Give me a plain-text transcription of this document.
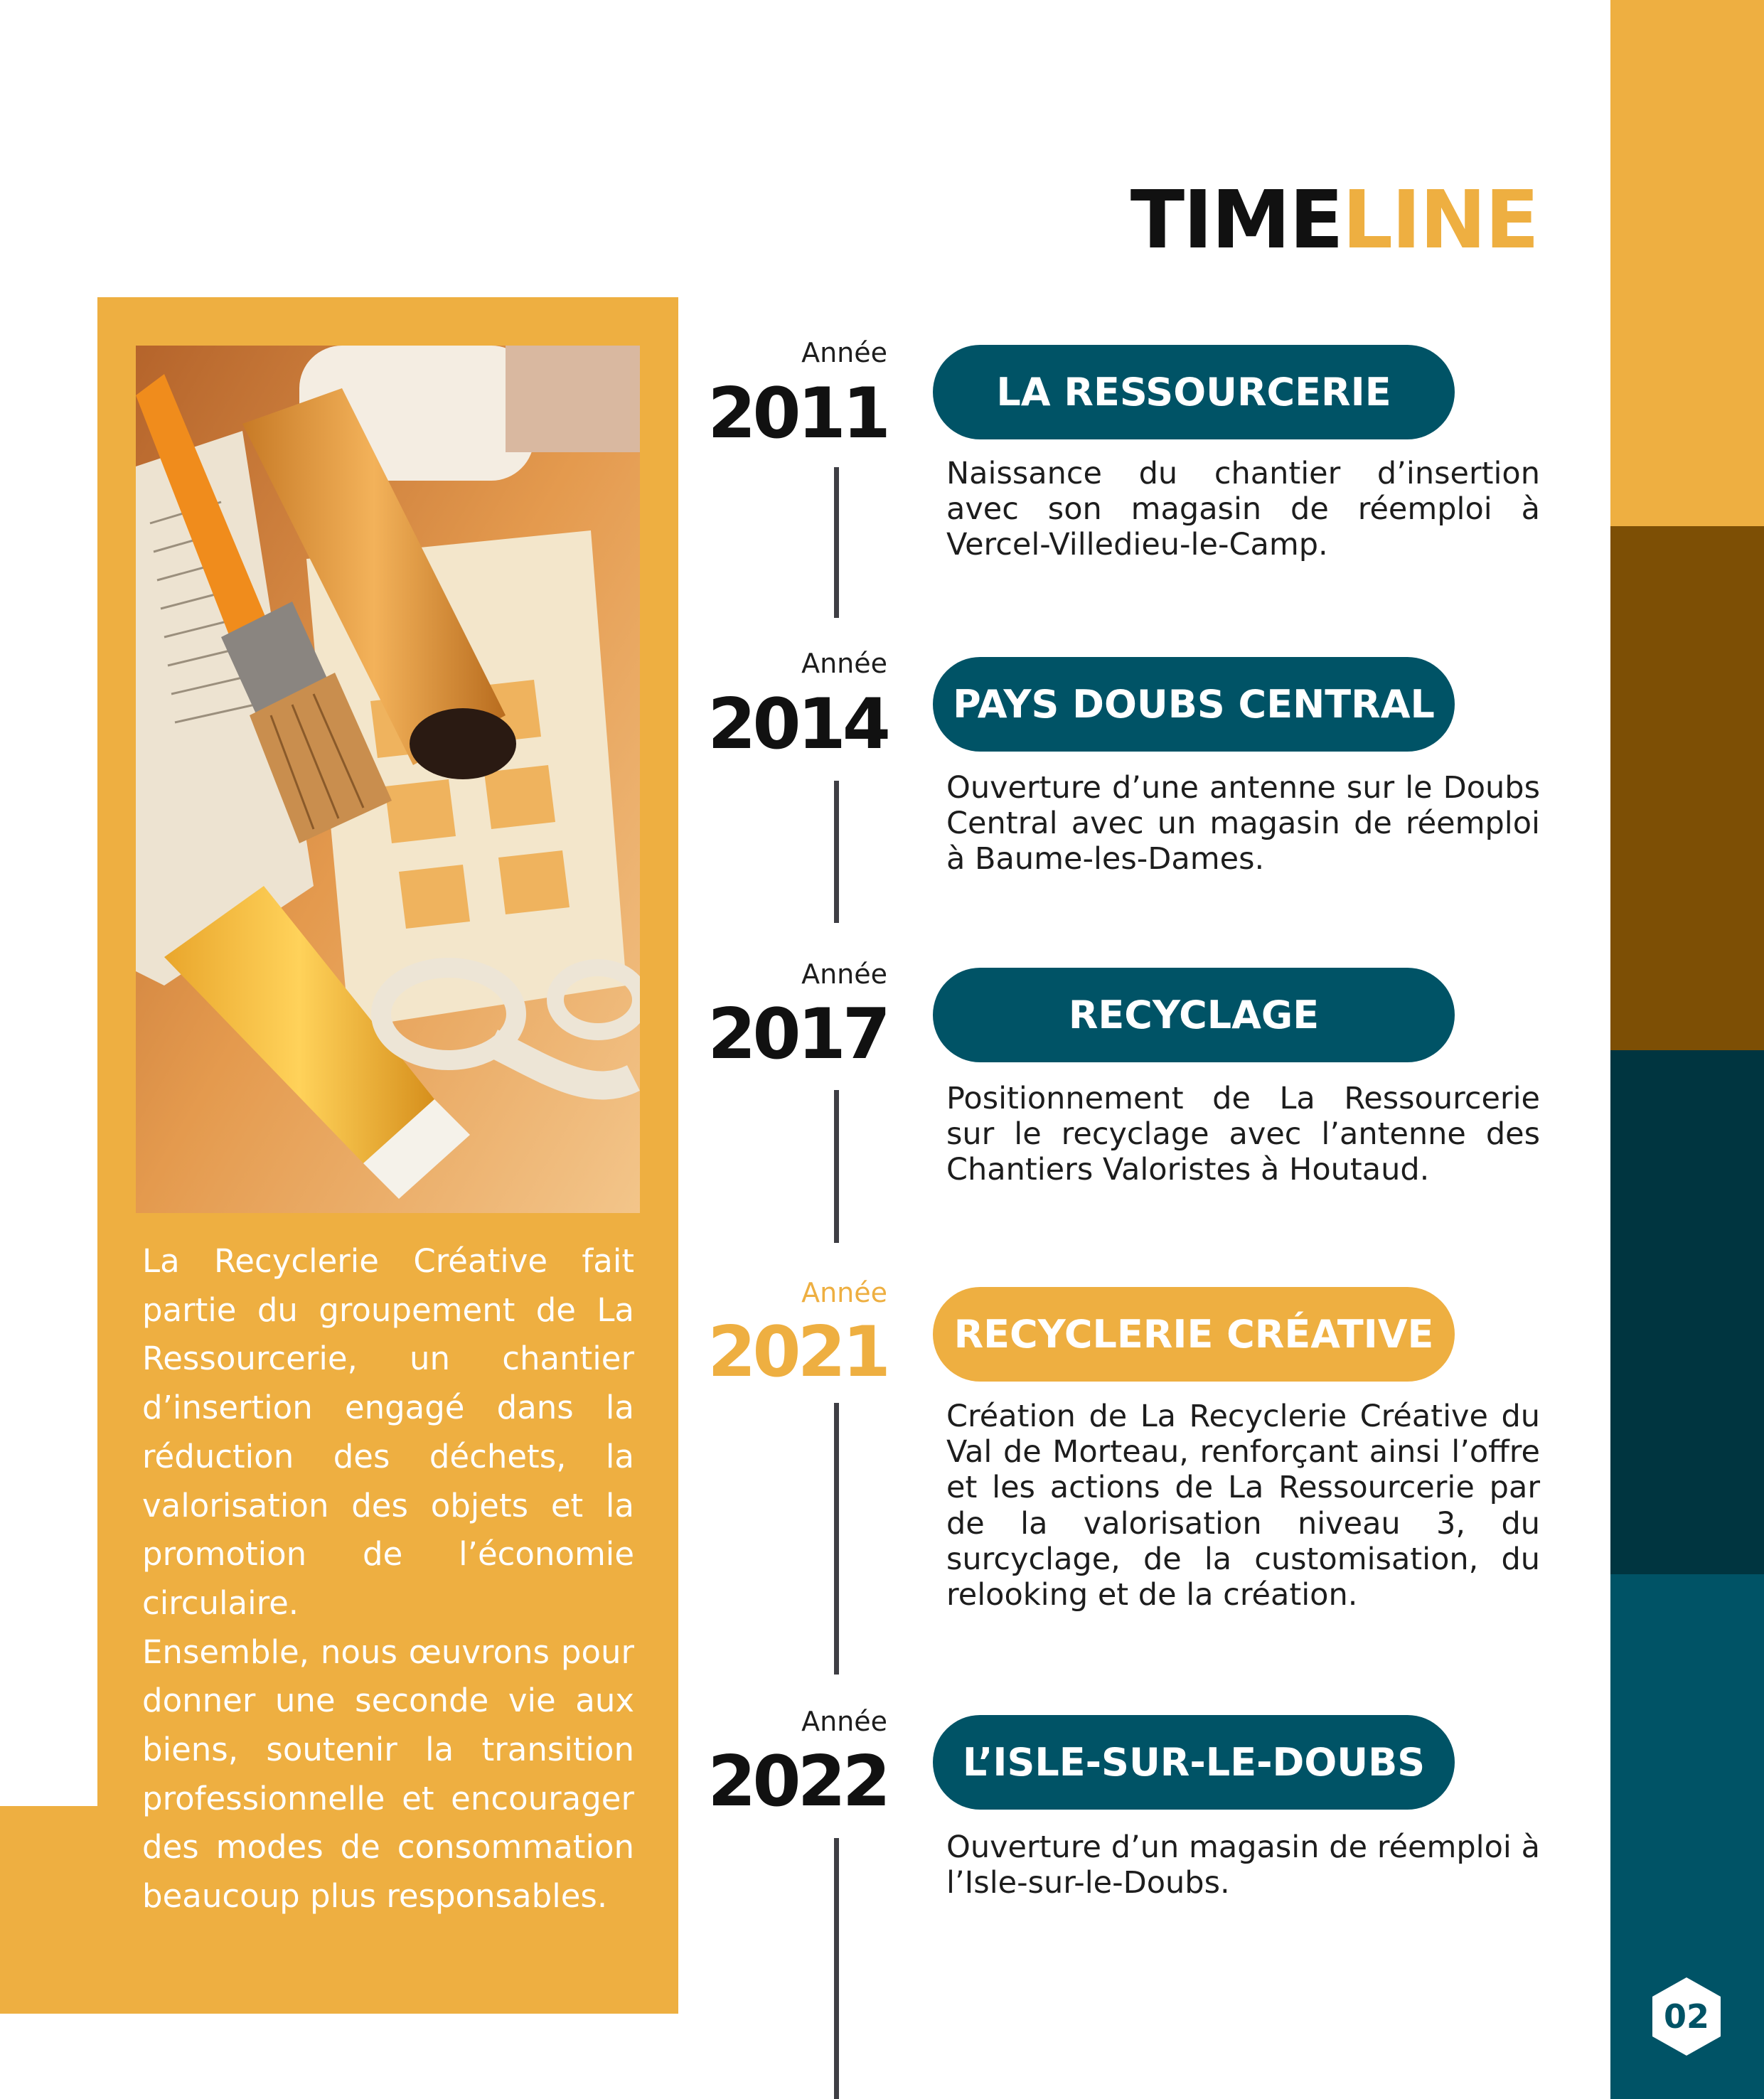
02
TIMELINE

La Recyclerie Créative fait partie du groupement de La Ressourcerie, un chantier d’insertion engagé dans la réduction des déchets, la valorisation des objets et la promotion de l’économie circulaire.

Ensemble, nous œuvrons pour donner une seconde vie aux biens, soutenir la transition professionnelle et encourager des modes de consommation beaucoup plus responsables.

Année
2011	LA RESSOURCERIE
Naissance du chantier d’insertion avec son magasin de réemploi à Vercel-Villedieu-le-Camp.
Année
2014	PAYS DOUBS CENTRAL
Ouverture d’une antenne sur le Doubs Central avec un magasin de réemploi à Baume-les-Dames.
Année
2017	RECYCLAGE
Positionnement de La Ressourcerie sur le recyclage avec l’antenne des Chantiers Valoristes à Houtaud.
Année
2021	RECYCLERIE CRÉATIVE
Création de La Recyclerie Créative du Val de Morteau, renforçant ainsi l’offre et les actions de La Ressourcerie par de la valorisation niveau 3, du surcyclage, de la customisation, du relooking et de la création.
Année
2022	L’ISLE-SUR-LE-DOUBS
Ouverture d’un magasin de réemploi à l’Isle-sur-le-Doubs.
